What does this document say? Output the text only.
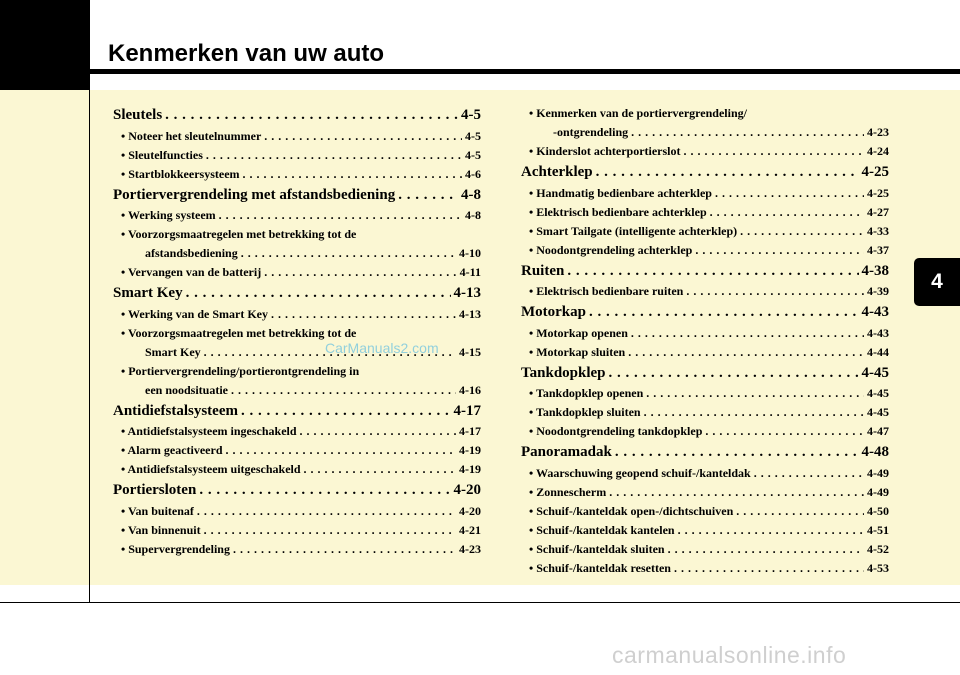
Kenmerken van uw auto
4
Sleutels . . .	4-5
• Noteer het sleutelnummer . . .	4-5
• Sleutelfuncties . . .	4-5
• Startblokkeersysteem . . .	4-6
Portiervergrendeling met afstandsbediening . . .	4-8
• Werking systeem . . .	4-8
• Voorzorgsmaatregelen met betrekking tot de
afstandsbediening . . .	4-10
• Vervangen van de batterij . . .	4-11
Smart Key . . .	4-13
• Werking van de Smart Key . . .	4-13
• Voorzorgsmaatregelen met betrekking tot de
Smart Key . . .	4-15
• Portiervergrendeling/portierontgrendeling in
een noodsituatie . . .	4-16
Antidiefstalsysteem . . .	4-17
• Antidiefstalsysteem ingeschakeld . . .	4-17
• Alarm geactiveerd . . .	4-19
• Antidiefstalsysteem uitgeschakeld . . .	4-19
Portiersloten . . .	4-20
• Van buitenaf . . .	4-20
• Van binnenuit . . .	4-21
• Supervergrendeling . . .	4-23
• Kenmerken van de portiervergrendeling/
-ontgrendeling . . .	4-23
• Kinderslot achterportierslot . . .	4-24
Achterklep . . .	4-25
• Handmatig bedienbare achterklep . . .	4-25
• Elektrisch bedienbare achterklep . . .	4-27
• Smart Tailgate (intelligente achterklep) . . .	4-33
• Noodontgrendeling achterklep . . .	4-37
Ruiten . . .	4-38
• Elektrisch bedienbare ruiten . . .	4-39
Motorkap . . .	4-43
• Motorkap openen . . .	4-43
• Motorkap sluiten . . .	4-44
Tankdopklep . . .	4-45
• Tankdopklep openen . . .	4-45
• Tankdopklep sluiten . . .	4-45
• Noodontgrendeling tankdopklep . . .	4-47
Panoramadak . . .	4-48
• Waarschuwing geopend schuif-/kanteldak . . .	4-49
• Zonnescherm . . .	4-49
• Schuif-/kanteldak open-/dichtschuiven . . .	4-50
• Schuif-/kanteldak kantelen . . .	4-51
• Schuif-/kanteldak sluiten . . .	4-52
• Schuif-/kanteldak resetten . . .	4-53
CarManuals2.com
carmanualsonline.info
